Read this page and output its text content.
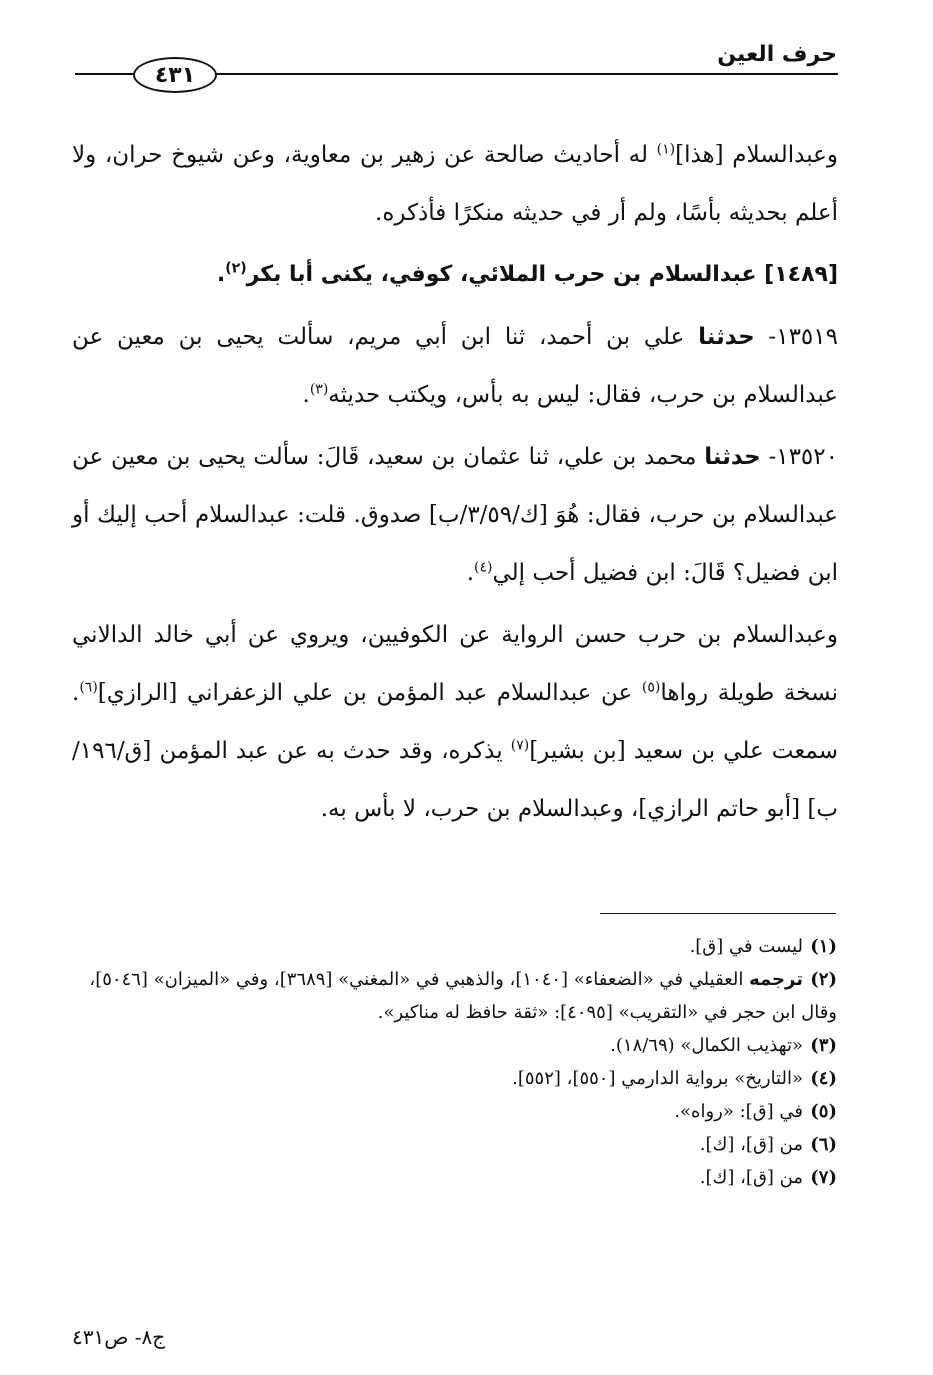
حرف العين
٤٣١

وعبدالسلام [هذا]$^{(١)}$ له أحاديث صالحة عن زهير بن معاوية، وعن شيوخ حران، ولا أعلم بحديثه بأسًا، ولم أر في حديثه منكرًا فأذكره.

[١٤٨٩] عبدالسلام بن حرب الملائي، كوفي، يكنى أبا بكر$^{(٢)}$.

١٣٥١٩- حدثنا علي بن أحمد، ثنا ابن أبي مريم، سألت يحيى بن معين عن عبدالسلام بن حرب، فقال: ليس به بأس، ويكتب حديثه$^{(٣)}$.

١٣٥٢٠- حدثنا محمد بن علي، ثنا عثمان بن سعيد، قَالَ: سألت يحيى بن معين عن عبدالسلام بن حرب، فقال: هُوَ [ك/٣/٥٩/ب] صدوق. قلت: عبدالسلام أحب إليك أو ابن فضيل؟ قَالَ: ابن فضيل أحب إلي$^{(٤)}$.

وعبدالسلام بن حرب حسن الرواية عن الكوفيين، ويروي عن أبي خالد الدالاني نسخة طويلة رواها$^{(٥)}$ عن عبدالسلام عبد المؤمن بن علي الزعفراني [الرازي]$^{(٦)}$. سمعت علي بن سعيد [بن بشير]$^{(٧)}$ يذكره، وقد حدث به عن عبد المؤمن [ق/١٩٦/ب] [أبو حاتم الرازي]، وعبدالسلام بن حرب، لا بأس به.

(١)ليست في [ق].

(٢)ترجمه العقيلي في «الضعفاء» [١٠٤٠]، والذهبي في «المغني» [٣٦٨٩]، وفي «الميزان» [٥٠٤٦]، وقال ابن حجر في «التقريب» [٤٠٩٥]: «ثقة حافظ له مناكير».

(٣)«تهذيب الكمال» (١٨/٦٩).

(٤)«التاريخ» برواية الدارمي [٥٥٠]، [٥٥٢].

(٥)في [ق]: «رواه».

(٦)من [ق]، [ك].

(٧)من [ق]، [ك].

ج٨- ص٤٣١
